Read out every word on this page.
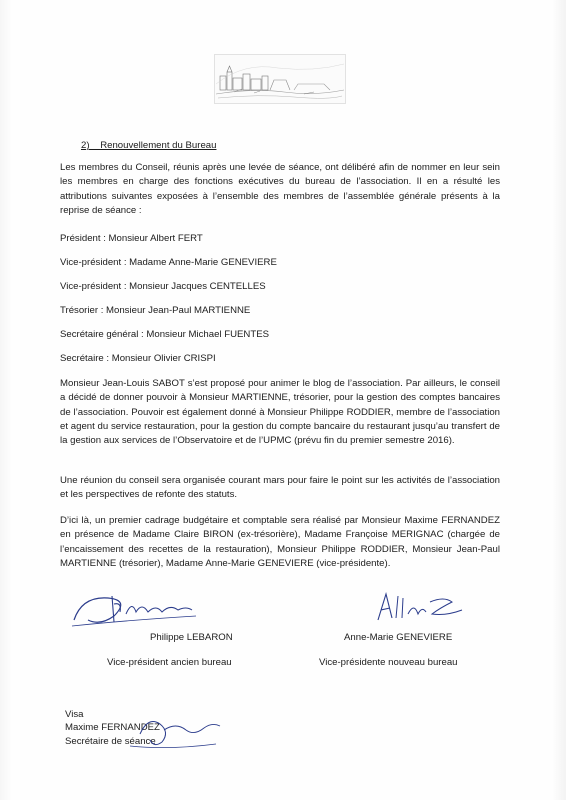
2)    Renouvellement du Bureau

Les membres du Conseil, réunis après une levée de séance, ont délibéré afin de nommer en leur sein les membres en charge des fonctions exécutives du bureau de l’association. Il en a résulté les attributions suivantes exposées à l’ensemble des membres de l’assemblée générale présents à la reprise de séance :

Président : Monsieur Albert FERT
Vice-président : Madame Anne-Marie GENEVIERE
Vice-président : Monsieur Jacques CENTELLES
Trésorier : Monsieur Jean-Paul MARTIENNE
Secrétaire général : Monsieur Michael FUENTES
Secrétaire : Monsieur Olivier CRISPI

Monsieur Jean-Louis SABOT s’est proposé pour animer le blog de l’association. Par ailleurs, le conseil a décidé de donner pouvoir à Monsieur MARTIENNE, trésorier, pour la gestion des comptes bancaires de l’association. Pouvoir est également donné à Monsieur Philippe RODDIER, membre de l’association et agent du service restauration, pour la gestion du compte bancaire du restaurant jusqu’au transfert de la gestion aux services de l’Observatoire et de l’UPMC (prévu fin du premier semestre 2016).

Une réunion du conseil sera organisée courant mars pour faire le point sur les activités de l’association et les perspectives de refonte des statuts.

D’ici là, un premier cadrage budgétaire et comptable sera réalisé par Monsieur Maxime FERNANDEZ en présence de Madame Claire BIRON (ex-trésorière), Madame Françoise MERIGNAC (chargée de l’encaissement des recettes de la restauration), Monsieur Philippe RODDIER, Monsieur Jean-Paul MARTIENNE (trésorier), Madame Anne-Marie GENEVIERE (vice-présidente).

Philippe LEBARON	Anne-Marie GENEVIERE
Vice-président ancien bureau	Vice-présidente nouveau bureau
Visa
Maxime FERNANDEZ
Secrétaire de séance
